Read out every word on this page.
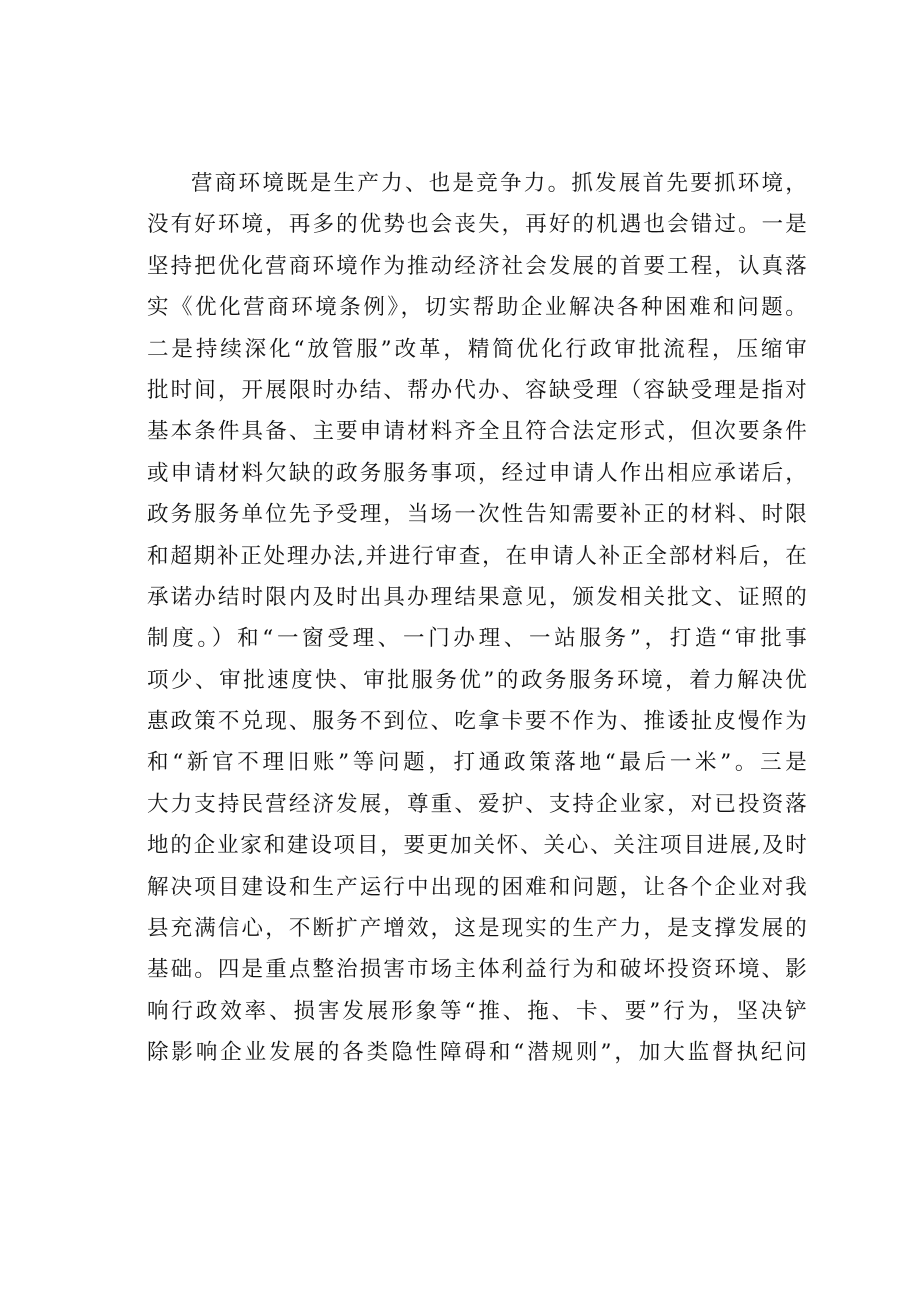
营商环境既是生产力、也是竞争力。抓发展首先要抓环境，
没有好环境，再多的优势也会丧失，再好的机遇也会错过。一是
坚持把优化营商环境作为推动经济社会发展的首要工程，认真落
实《优化营商环境条例》，切实帮助企业解决各种困难和问题。
二是持续深化“放管服”改革，精简优化行政审批流程，压缩审
批时间，开展限时办结、帮办代办、容缺受理（容缺受理是指对
基本条件具备、主要申请材料齐全且符合法定形式，但次要条件
或申请材料欠缺的政务服务事项，经过申请人作出相应承诺后，
政务服务单位先予受理，当场一次性告知需要补正的材料、时限
和超期补正处理办法,并进行审查，在申请人补正全部材料后，在
承诺办结时限内及时出具办理结果意见，颁发相关批文、证照的
制度。）和“一窗受理、一门办理、一站服务”，打造“审批事
项少、审批速度快、审批服务优”的政务服务环境，着力解决优
惠政策不兑现、服务不到位、吃拿卡要不作为、推诿扯皮慢作为
和“新官不理旧账”等问题，打通政策落地“最后一米”。三是
大力支持民营经济发展，尊重、爱护、支持企业家，对已投资落
地的企业家和建设项目，要更加关怀、关心、关注项目进展,及时
解决项目建设和生产运行中出现的困难和问题，让各个企业对我
县充满信心，不断扩产增效，这是现实的生产力，是支撑发展的
基础。四是重点整治损害市场主体利益行为和破坏投资环境、影
响行政效率、损害发展形象等“推、拖、卡、要”行为，坚决铲
除影响企业发展的各类隐性障碍和“潜规则”，加大监督执纪问
